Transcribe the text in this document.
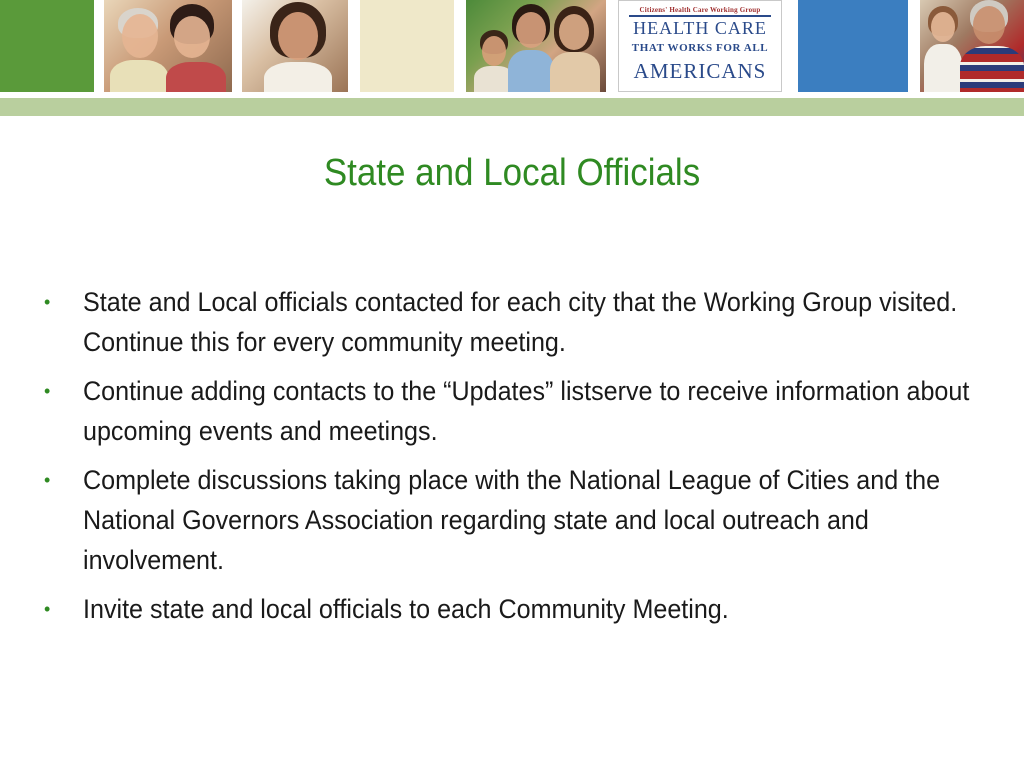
Citizens' Health Care Working Group
HEALTH CARE
THAT WORKS FOR ALL
AMERICANS
State and Local Officials
• State and Local officials contacted for each city that the Working Group visited. Continue this for every community meeting.
• Continue adding contacts to the “Updates” listserve to receive information about upcoming events and meetings.
• Complete discussions taking place with the National League of Cities and the National Governors Association regarding state and local outreach and involvement.
• Invite state and local officials to each Community Meeting.
